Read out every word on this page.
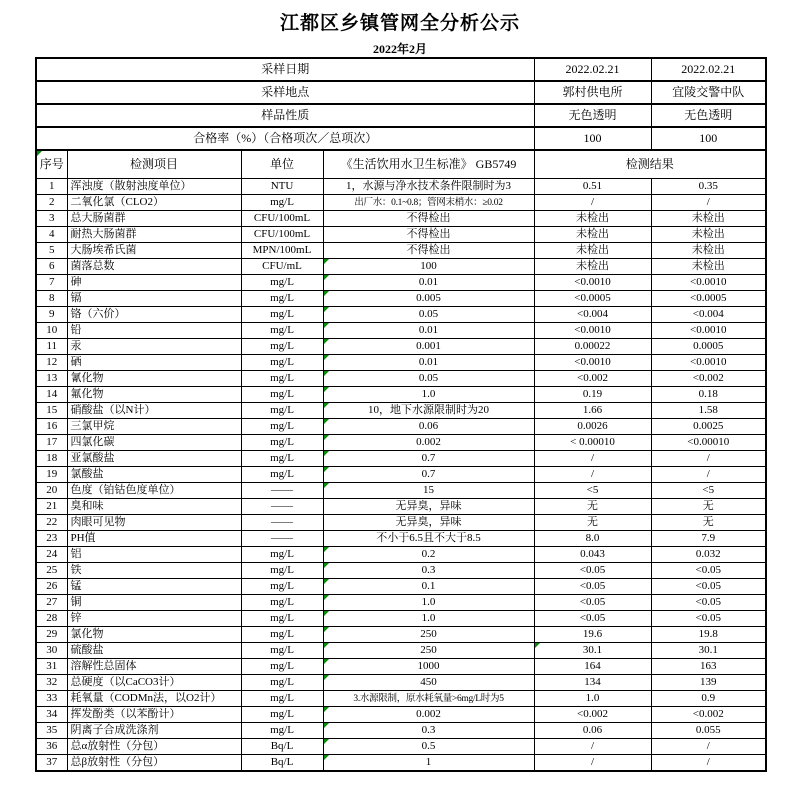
江都区乡镇管网全分析公示
2022年2月
采样日期				2022.02.21	2022.02.21
采样地点				郭村供电所	宜陵交警中队
样品性质				无色透明	无色透明
合格率（%）（合格项次／总项次）				100	100

序号	检测项目	单位	《生活饮用水卫生标准》 GB5749	检测结果	
1	浑浊度（散射浊度单位）	NTU	1，水源与净水技术条件限制时为3	0.51	0.35
2	二氧化氯（CLO2）	mg/L	出厂水：0.1~0.8；管网末梢水：≥0.02	/	/
3	总大肠菌群	CFU/100mL	不得检出	未检出	未检出
4	耐热大肠菌群	CFU/100mL	不得检出	未检出	未检出
5	大肠埃希氏菌	MPN/100mL	不得检出	未检出	未检出
6	菌落总数	CFU/mL	100	未检出	未检出
7	砷	mg/L	0.01	<0.0010	<0.0010
8	镉	mg/L	0.005	<0.0005	<0.0005
9	铬（六价）	mg/L	0.05	<0.004	<0.004
10	铅	mg/L	0.01	<0.0010	<0.0010
11	汞	mg/L	0.001	0.00022	0.0005
12	硒	mg/L	0.01	<0.0010	<0.0010
13	氰化物	mg/L	0.05	<0.002	<0.002
14	氟化物	mg/L	1.0	0.19	0.18
15	硝酸盐（以N计）	mg/L	10，地下水源限制时为20	1.66	1.58
16	三氯甲烷	mg/L	0.06	0.0026	0.0025
17	四氯化碳	mg/L	0.002	< 0.00010	<0.00010
18	亚氯酸盐	mg/L	0.7	/	/
19	氯酸盐	mg/L	0.7	/	/
20	色度（铂钴色度单位）	——	15	<5	<5
21	臭和味	——	无异臭，异味	无	无
22	肉眼可见物	——	无异臭，异味	无	无
23	PH值	——	不小于6.5且不大于8.5	8.0	7.9
24	铝	mg/L	0.2	0.043	0.032
25	铁	mg/L	0.3	<0.05	<0.05
26	锰	mg/L	0.1	<0.05	<0.05
27	铜	mg/L	1.0	<0.05	<0.05
28	锌	mg/L	1.0	<0.05	<0.05
29	氯化物	mg/L	250	19.6	19.8
30	硫酸盐	mg/L	250	30.1	30.1
31	溶解性总固体	mg/L	1000	164	163
32	总硬度（以CaCO3计）	mg/L	450	134	139
33	耗氧量（CODMn法，以O2计）	mg/L	3.水源限制，原水耗氧量>6mg/L时为5	1.0	0.9
34	挥发酚类（以苯酚计）	mg/L	0.002	<0.002	<0.002
35	阴离子合成洗涤剂	mg/L	0.3	0.06	0.055
36	总α放射性（分包）	Bq/L	0.5	/	/
37	总β放射性（分包）	Bq/L	1	/	/
